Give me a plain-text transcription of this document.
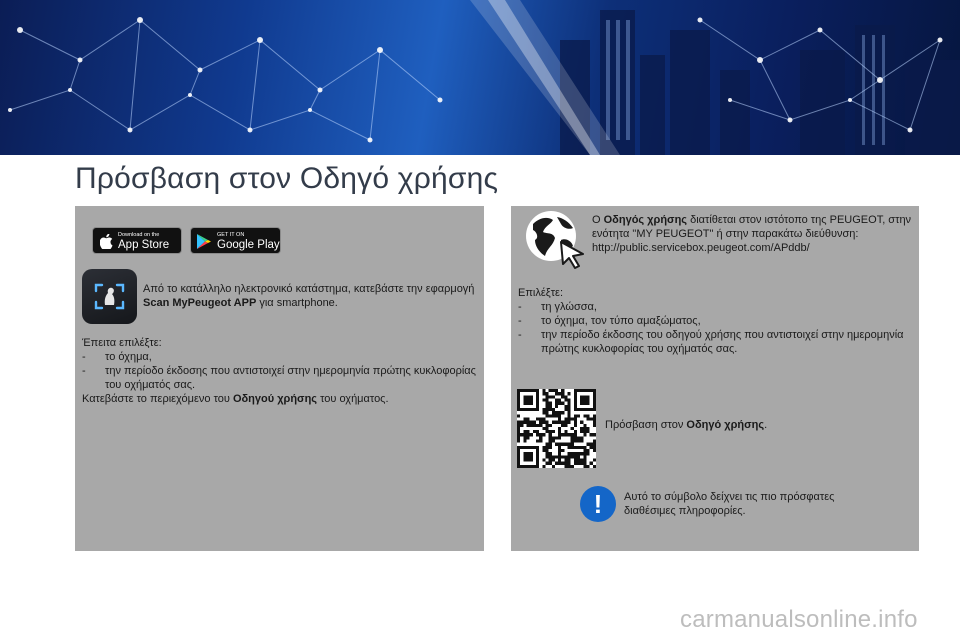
Πρόσβαση στον Οδηγό χρήσης
Download on the
App Store
GET IT ON
Google Play
Από το κατάλληλο ηλεκτρονικό κατάστημα, κατεβάστε την εφαρμογή
Scan MyPeugeot APP για smartphone.
Έπειτα επιλέξτε:
- το όχημα,
- την περίοδο έκδοσης που αντιστοιχεί στην ημερομηνία πρώτης κυκλοφορίας
του οχήματός σας.
Κατεβάστε το περιεχόμενο του Οδηγού χρήσης του οχήματος.
Ο Οδηγός χρήσης διατίθεται στον ιστότοπο της PEUGEOT, στην
ενότητα "MY PEUGEOT" ή στην παρακάτω διεύθυνση:
http://public.servicebox.peugeot.com/APddb/
Επιλέξτε:
- τη γλώσσα,
- το όχημα, τον τύπο αμαξώματος,
- την περίοδο έκδοσης του οδηγού χρήσης που αντιστοιχεί στην ημερομηνία
πρώτης κυκλοφορίας του οχήματός σας.
Πρόσβαση στον Οδηγό χρήσης.
!	Αυτό το σύμβολο δείχνει τις πιο πρόσφατες
διαθέσιμες πληροφορίες.
carmanualsonline.info
